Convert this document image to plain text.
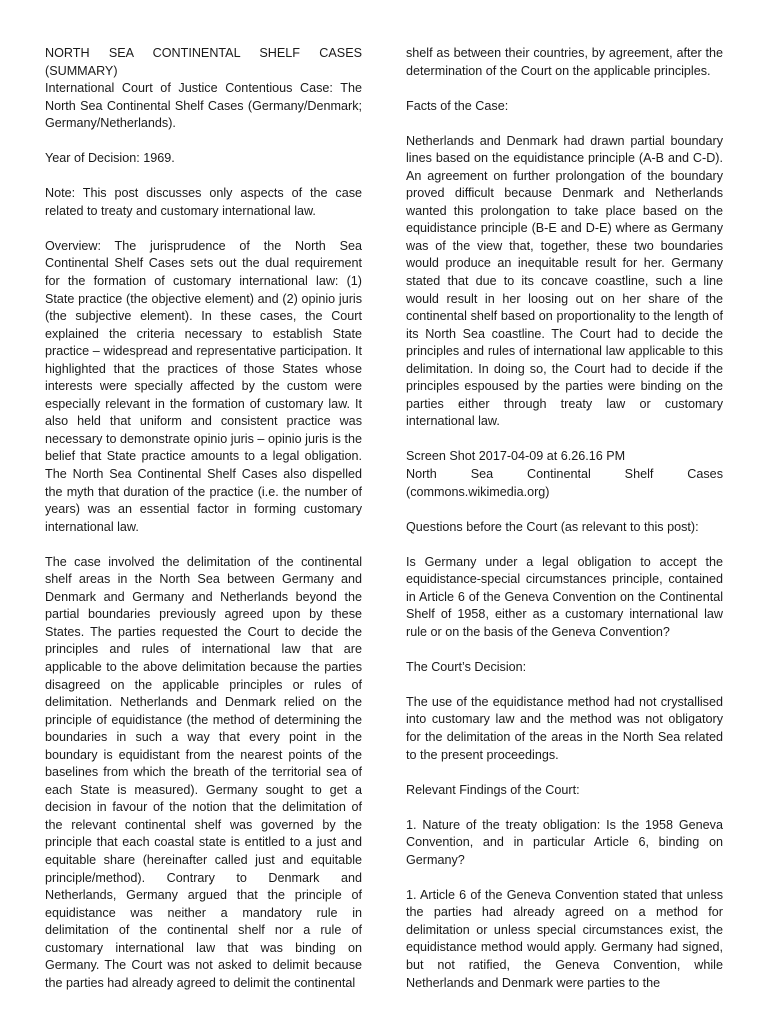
NORTH SEA CONTINENTAL SHELF CASES (SUMMARY)

International Court of Justice Contentious Case: The North Sea Continental Shelf Cases (Germany/Denmark; Germany/Netherlands).

Year of Decision: 1969.

Note: This post discusses only aspects of the case related to treaty and customary international law.

Overview: The jurisprudence of the North Sea Continental Shelf Cases sets out the dual requirement for the formation of customary international law: (1) State practice (the objective element) and (2) opinio juris (the subjective element). In these cases, the Court explained the criteria necessary to establish State practice – widespread and representative participation. It highlighted that the practices of those States whose interests were specially affected by the custom were especially relevant in the formation of customary law. It also held that uniform and consistent practice was necessary to demonstrate opinio juris – opinio juris is the belief that State practice amounts to a legal obligation. The North Sea Continental Shelf Cases also dispelled the myth that duration of the practice (i.e. the number of years) was an essential factor in forming customary international law.

The case involved the delimitation of the continental shelf areas in the North Sea between Germany and Denmark and Germany and Netherlands beyond the partial boundaries previously agreed upon by these States. The parties requested the Court to decide the principles and rules of international law that are applicable to the above delimitation because the parties disagreed on the applicable principles or rules of delimitation. Netherlands and Denmark relied on the principle of equidistance (the method of determining the boundaries in such a way that every point in the boundary is equidistant from the nearest points of the baselines from which the breath of the territorial sea of each State is measured). Germany sought to get a decision in favour of the notion that the delimitation of the relevant continental shelf was governed by the principle that each coastal state is entitled to a just and equitable share (hereinafter called just and equitable principle/method). Contrary to Denmark and Netherlands, Germany argued that the principle of equidistance was neither a mandatory rule in delimitation of the continental shelf nor a rule of customary international law that was binding on Germany. The Court was not asked to delimit because the parties had already agreed to delimit the continental

shelf as between their countries, by agreement, after the determination of the Court on the applicable principles.

Facts of the Case:

Netherlands and Denmark had drawn partial boundary lines based on the equidistance principle (A-B and C-D). An agreement on further prolongation of the boundary proved difficult because Denmark and Netherlands wanted this prolongation to take place based on the equidistance principle (B-E and D-E) where as Germany was of the view that, together, these two boundaries would produce an inequitable result for her. Germany stated that due to its concave coastline, such a line would result in her loosing out on her share of the continental shelf based on proportionality to the length of its North Sea coastline. The Court had to decide the principles and rules of international law applicable to this delimitation. In doing so, the Court had to decide if the principles espoused by the parties were binding on the parties either through treaty law or customary international law.

Screen Shot 2017-04-09 at 6.26.16 PM

North Sea Continental Shelf Cases (commons.wikimedia.org)

Questions before the Court (as relevant to this post):

Is Germany under a legal obligation to accept the equidistance-special circumstances principle, contained in Article 6 of the Geneva Convention on the Continental Shelf of 1958, either as a customary international law rule or on the basis of the Geneva Convention?

The Court’s Decision:

The use of the equidistance method had not crystallised into customary law and the method was not obligatory for the delimitation of the areas in the North Sea related to the present proceedings.

Relevant Findings of the Court:

1. Nature of the treaty obligation: Is the 1958 Geneva Convention, and in particular Article 6, binding on Germany?

1. Article 6 of the Geneva Convention stated that unless the parties had already agreed on a method for delimitation or unless special circumstances exist, the equidistance method would apply. Germany had signed, but not ratified, the Geneva Convention, while Netherlands and Denmark were parties to the
